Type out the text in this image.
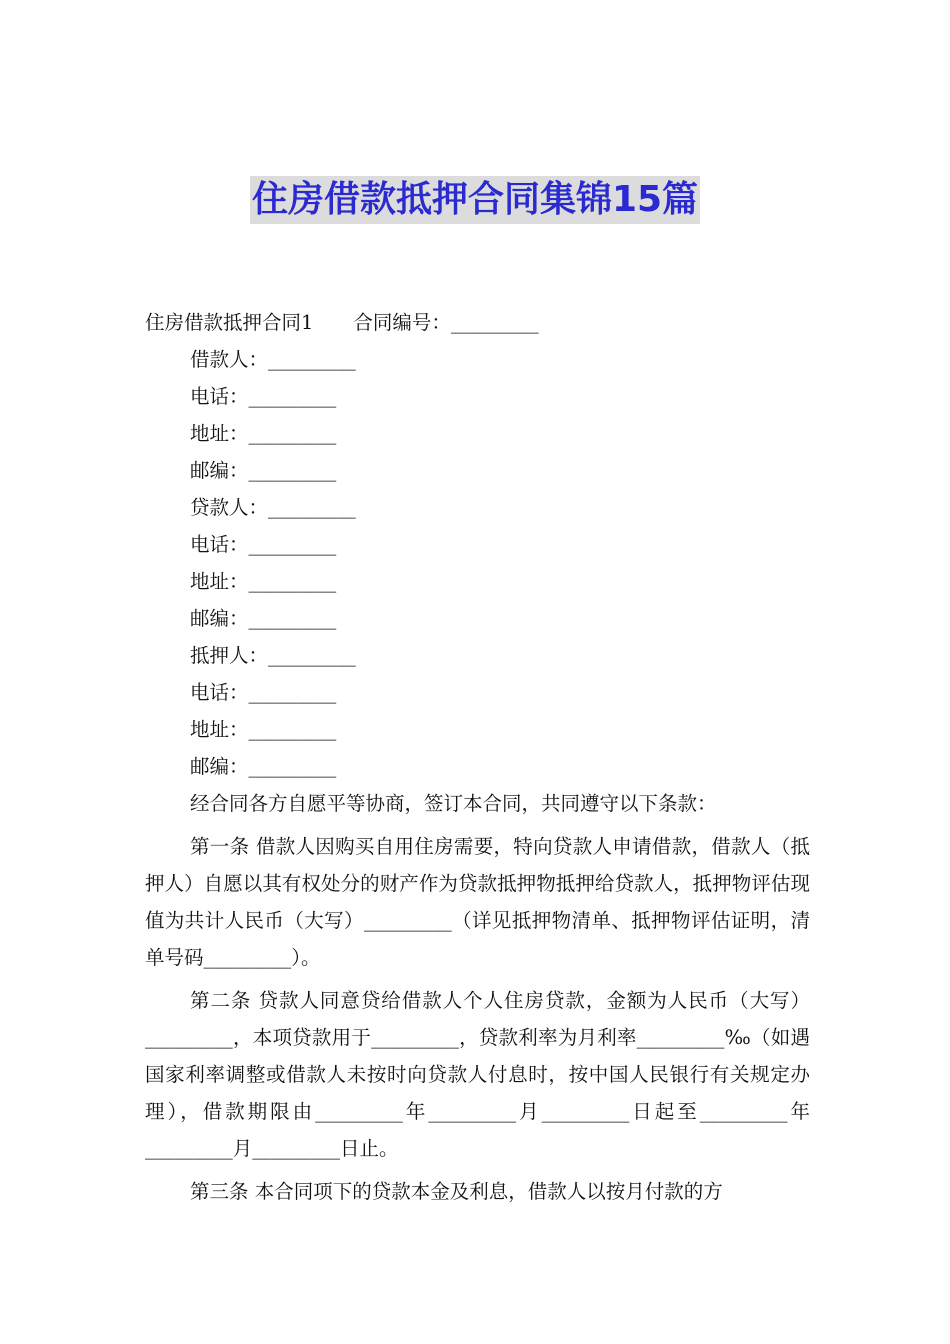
住房借款抵押合同集锦15篇
住房借款抵押合同1 合同编号：_________
借款人：_________
电话：_________
地址：_________
邮编：_________
贷款人：_________
电话：_________
地址：_________
邮编：_________
抵押人：_________
电话：_________
地址：_________
邮编：_________

经合同各方自愿平等协商，签订本合同，共同遵守以下条款：

第一条 借款人因购买自用住房需要，特向贷款人申请借款，借款人（抵押人）自愿以其有权处分的财产作为贷款抵押物抵押给贷款人，抵押物评估现值为共计人民币（大写）_________（详见抵押物清单、抵押物评估证明，清单号码_________）。

第二条 贷款人同意贷给借款人个人住房贷款，金额为人民币（大写）_________，本项贷款用于_________，贷款利率为月利率_________‰（如遇国家利率调整或借款人未按时向贷款人付息时，按中国人民银行有关规定办理），借款期限由_________年_________月_________日起至_________年_________月_________日止。

第三条 本合同项下的贷款本金及利息，借款人以按月付款的方
